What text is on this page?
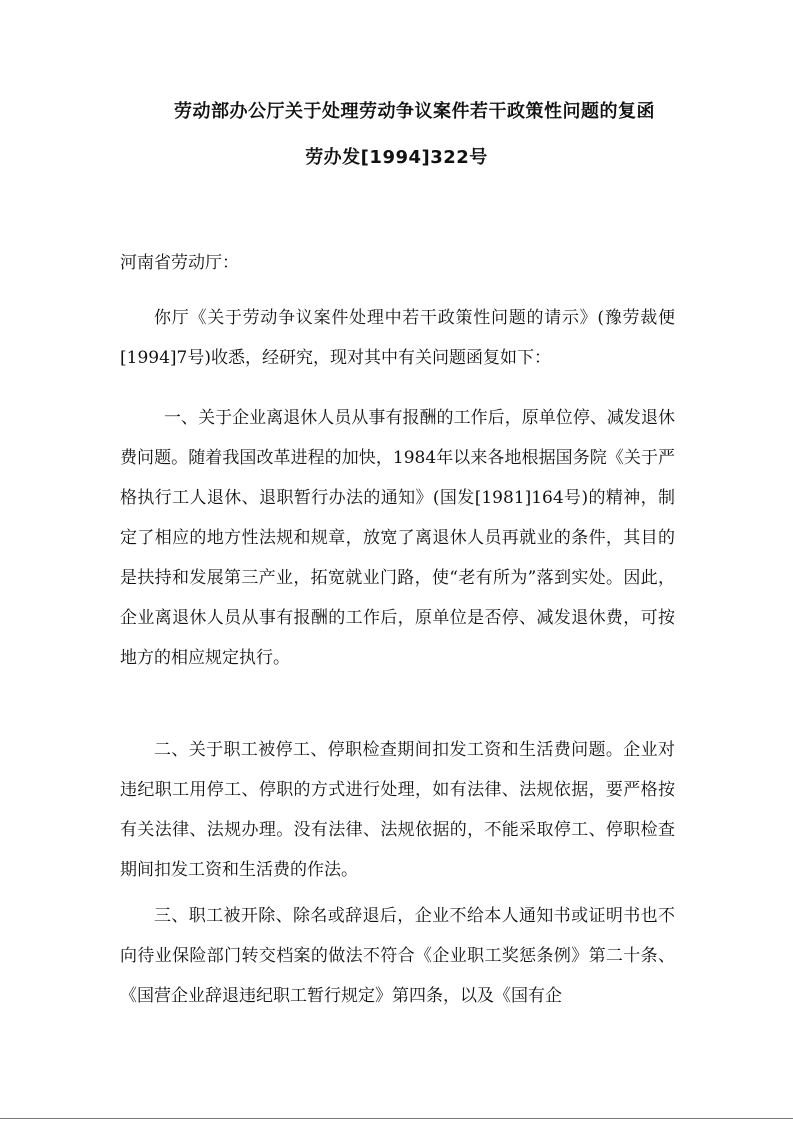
劳动部办公厅关于处理劳动争议案件若干政策性问题的复函
劳办发[1994]322号

河南省劳动厅：

你厅《关于劳动争议案件处理中若干政策性问题的请示》(豫劳裁便[1994]7号)收悉，经研究，现对其中有关问题函复如下：

一、关于企业离退休人员从事有报酬的工作后，原单位停、减发退休费问题。随着我国改革进程的加快，1984年以来各地根据国务院《关于严格执行工人退休、退职暂行办法的通知》(国发[1981]164号)的精神，制定了相应的地方性法规和规章，放宽了离退休人员再就业的条件，其目的是扶持和发展第三产业，拓宽就业门路，使“老有所为”落到实处。因此，企业离退休人员从事有报酬的工作后，原单位是否停、减发退休费，可按地方的相应规定执行。

二、关于职工被停工、停职检查期间扣发工资和生活费问题。企业对违纪职工用停工、停职的方式进行处理，如有法律、法规依据，要严格按有关法律、法规办理。没有法律、法规依据的，不能采取停工、停职检查期间扣发工资和生活费的作法。

三、职工被开除、除名或辞退后，企业不给本人通知书或证明书也不向待业保险部门转交档案的做法不符合《企业职工奖惩条例》第二十条、《国营企业辞退违纪职工暂行规定》第四条，以及《国有企
